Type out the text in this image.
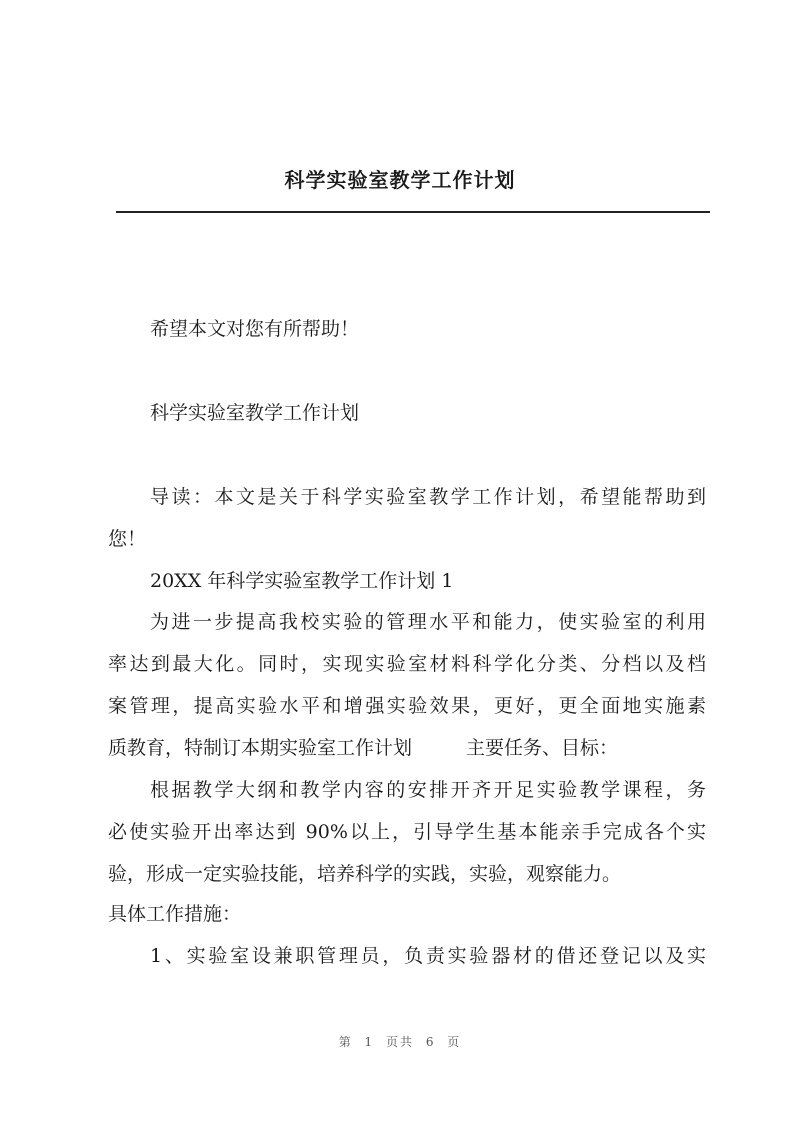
科学实验室教学工作计划
希望本文对您有所帮助！
科学实验室教学工作计划
导读：本文是关于科学实验室教学工作计划，希望能帮助到
您！
20XX 年科学实验室教学工作计划 1
为进一步提高我校实验的管理水平和能力，使实验室的利用
率达到最大化。同时，实现实验室材料科学化分类、分档以及档
案管理，提高实验水平和增强实验效果，更好，更全面地实施素
质教育，特制订本期实验室工作计划	主要任务、目标：
根据教学大纲和教学内容的安排开齐开足实验教学课程，务
必使实验开出率达到 90%以上，引导学生基本能亲手完成各个实
验，形成一定实验技能，培养科学的实践，实验，观察能力。
具体工作措施：
1、实验室设兼职管理员，负责实验器材的借还登记以及实
第 1 页共 6 页
